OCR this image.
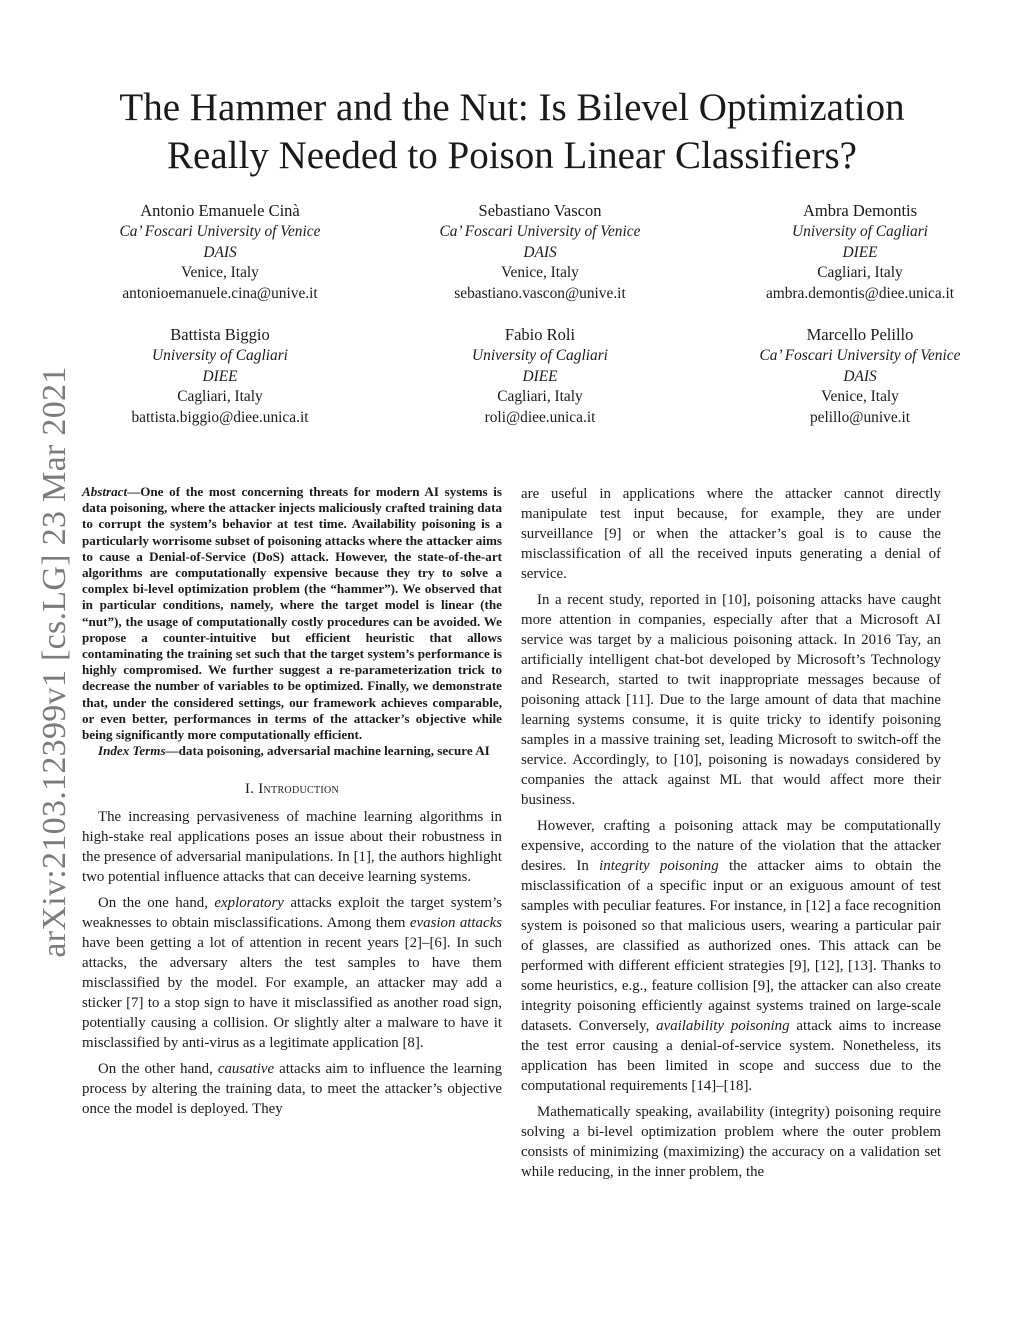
arXiv:2103.12399v1 [cs.LG] 23 Mar 2021
The Hammer and the Nut: Is Bilevel Optimization
Really Needed to Poison Linear Classifiers?
Antonio Emanuele Cinà
Ca’ Foscari University of Venice
DAIS
Venice, Italy
antonioemanuele.cina@unive.it
Sebastiano Vascon
Ca’ Foscari University of Venice
DAIS
Venice, Italy
sebastiano.vascon@unive.it
Ambra Demontis
University of Cagliari
DIEE
Cagliari, Italy
ambra.demontis@diee.unica.it
Battista Biggio
University of Cagliari
DIEE
Cagliari, Italy
battista.biggio@diee.unica.it
Fabio Roli
University of Cagliari
DIEE
Cagliari, Italy
roli@diee.unica.it
Marcello Pelillo
Ca’ Foscari University of Venice
DAIS
Venice, Italy
pelillo@unive.it
Abstract—One of the most concerning threats for modern AI systems is data poisoning, where the attacker injects maliciously crafted training data to corrupt the system’s behavior at test time. Availability poisoning is a particularly worrisome subset of poisoning attacks where the attacker aims to cause a Denial-of-Service (DoS) attack. However, the state-of-the-art algorithms are computationally expensive because they try to solve a complex bi-level optimization problem (the “hammer”). We observed that in particular conditions, namely, where the target model is linear (the “nut”), the usage of computationally costly procedures can be avoided. We propose a counter-intuitive but efficient heuristic that allows contaminating the training set such that the target system’s performance is highly compromised. We further suggest a re-parameterization trick to decrease the number of variables to be optimized. Finally, we demonstrate that, under the considered settings, our framework achieves comparable, or even better, performances in terms of the attacker’s objective while being significantly more computationally efficient.

Index Terms—data poisoning, adversarial machine learning, secure AI

I. Introduction

The increasing pervasiveness of machine learning algorithms in high-stake real applications poses an issue about their robustness in the presence of adversarial manipulations. In [1], the authors highlight two potential influence attacks that can deceive learning systems.

On the one hand, exploratory attacks exploit the target system’s weaknesses to obtain misclassifications. Among them evasion attacks have been getting a lot of attention in recent years [2]–[6]. In such attacks, the adversary alters the test samples to have them misclassified by the model. For example, an attacker may add a sticker [7] to a stop sign to have it misclassified as another road sign, potentially causing a collision. Or slightly alter a malware to have it misclassified by anti-virus as a legitimate application [8].

On the other hand, causative attacks aim to influence the learning process by altering the training data, to meet the attacker’s objective once the model is deployed. They

are useful in applications where the attacker cannot directly manipulate test input because, for example, they are under surveillance [9] or when the attacker’s goal is to cause the misclassification of all the received inputs generating a denial of service.

In a recent study, reported in [10], poisoning attacks have caught more attention in companies, especially after that a Microsoft AI service was target by a malicious poisoning attack. In 2016 Tay, an artificially intelligent chat-bot developed by Microsoft’s Technology and Research, started to twit inappropriate messages because of poisoning attack [11]. Due to the large amount of data that machine learning systems consume, it is quite tricky to identify poisoning samples in a massive training set, leading Microsoft to switch-off the service. Accordingly, to [10], poisoning is nowadays considered by companies the attack against ML that would affect more their business.

However, crafting a poisoning attack may be computationally expensive, according to the nature of the violation that the attacker desires. In integrity poisoning the attacker aims to obtain the misclassification of a specific input or an exiguous amount of test samples with peculiar features. For instance, in [12] a face recognition system is poisoned so that malicious users, wearing a particular pair of glasses, are classified as authorized ones. This attack can be performed with different efficient strategies [9], [12], [13]. Thanks to some heuristics, e.g., feature collision [9], the attacker can also create integrity poisoning efficiently against systems trained on large-scale datasets. Conversely, availability poisoning attack aims to increase the test error causing a denial-of-service system. Nonetheless, its application has been limited in scope and success due to the computational requirements [14]–[18].

Mathematically speaking, availability (integrity) poisoning require solving a bi-level optimization problem where the outer problem consists of minimizing (maximizing) the accuracy on a validation set while reducing, in the inner problem, the
